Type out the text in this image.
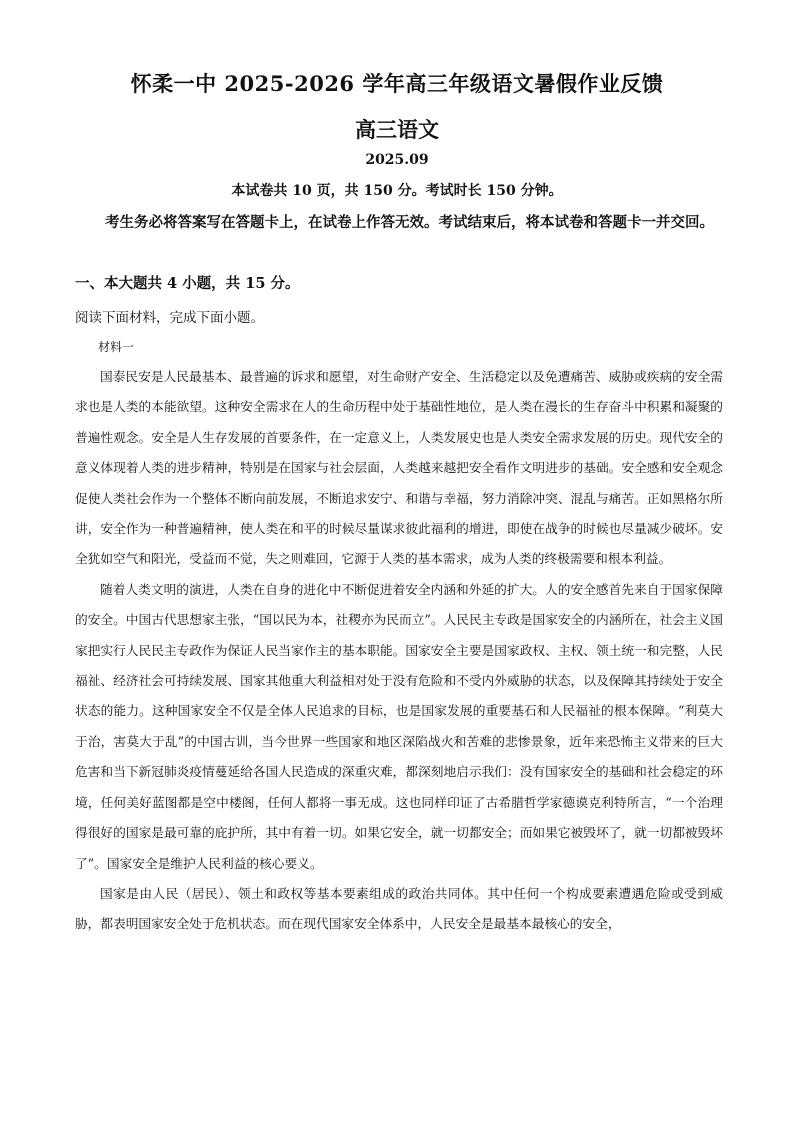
怀柔一中 2025-2026 学年高三年级语文暑假作业反馈
高三语文
2025.09
本试卷共 10 页，共 150 分。考试时长 150 分钟。
考生务必将答案写在答题卡上，在试卷上作答无效。考试结束后，将本试卷和答题卡一并交回。
一、本大题共 4 小题，共 15 分。
阅读下面材料，完成下面小题。
材料一

国泰民安是人民最基本、最普遍的诉求和愿望，对生命财产安全、生活稳定以及免遭痛苦、威胁或疾病的安全需求也是人类的本能欲望。这种安全需求在人的生命历程中处于基础性地位，是人类在漫长的生存奋斗中积累和凝聚的普遍性观念。安全是人生存发展的首要条件，在一定意义上，人类发展史也是人类安全需求发展的历史。现代安全的意义体现着人类的进步精神，特别是在国家与社会层面，人类越来越把安全看作文明进步的基础。安全感和安全观念促使人类社会作为一个整体不断向前发展，不断追求安宁、和谐与幸福，努力消除冲突、混乱与痛苦。正如黑格尔所讲，安全作为一种普遍精神，使人类在和平的时候尽量谋求彼此福利的增进，即使在战争的时候也尽量减少破坏。安全犹如空气和阳光，受益而不觉，失之则难回，它源于人类的基本需求，成为人类的终极需要和根本利益。

随着人类文明的演进，人类在自身的进化中不断促进着安全内涵和外延的扩大。人的安全感首先来自于国家保障的安全。中国古代思想家主张，“国以民为本，社稷亦为民而立”。人民民主专政是国家安全的内涵所在，社会主义国家把实行人民民主专政作为保证人民当家作主的基本职能。国家安全主要是国家政权、主权、领土统一和完整，人民福祉、经济社会可持续发展、国家其他重大利益相对处于没有危险和不受内外威胁的状态，以及保障其持续处于安全状态的能力。这种国家安全不仅是全体人民追求的目标，也是国家发展的重要基石和人民福祉的根本保障。“利莫大于治，害莫大于乱”的中国古训，当今世界一些国家和地区深陷战火和苦难的悲惨景象，近年来恐怖主义带来的巨大危害和当下新冠肺炎疫情蔓延给各国人民造成的深重灾难，都深刻地启示我们：没有国家安全的基础和社会稳定的环境，任何美好蓝图都是空中楼阁，任何人都将一事无成。这也同样印证了古希腊哲学家德谟克利特所言，“一个治理得很好的国家是最可靠的庇护所，其中有着一切。如果它安全，就一切都安全；而如果它被毁坏了，就一切都被毁坏了”。国家安全是维护人民利益的核心要义。

国家是由人民（居民）、领土和政权等基本要素组成的政治共同体。其中任何一个构成要素遭遇危险或受到威胁，都表明国家安全处于危机状态。而在现代国家安全体系中，人民安全是最基本最核心的安全，
